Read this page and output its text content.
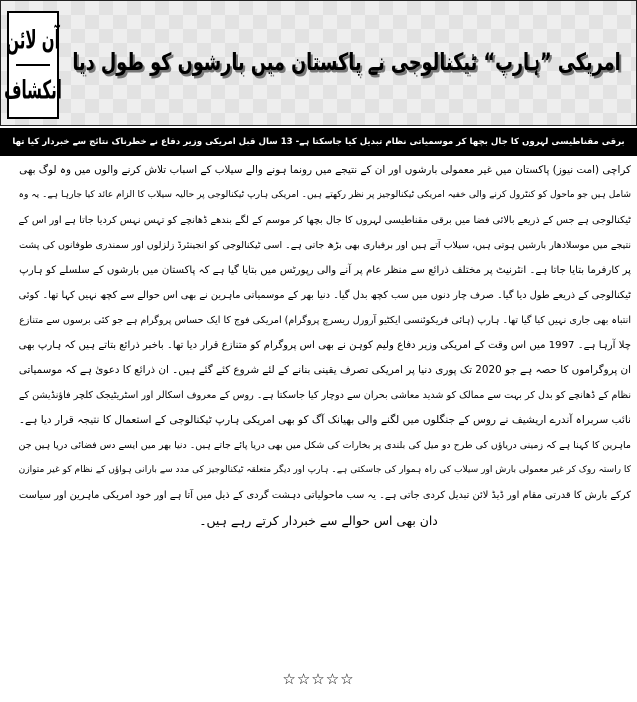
آن لائن
انکشاف
امریکی ”ہارپ“ ٹیکنالوجی نے پاکستان میں بارشوں کو طول دیا
برقی مقناطیسی لہروں کا جال بچھا کر موسمیاتی نظام تبدیل کیا جاسکتا ہے- 13 سال قبل امریکی وزیر دفاع نے خطرناک نتائج سے خبردار کیا تھا
کراچی (امت نیوز) پاکستان میں غیر معمولی بارشوں اور ان کے نتیجے میں رونما ہونے والے سیلاب کے اسباب تلاش کرنے والوں میں وہ لوگ بھی
شامل ہیں جو ماحول کو کنٹرول کرنے والی خفیہ امریکی ٹیکنالوجیز پر نظر رکھتے ہیں۔ امریکی ہارپ ٹیکنالوجی پر حالیہ سیلاب کا الزام عائد کیا جارہا ہے۔ یہ وہ
ٹیکنالوجی ہے جس کے ذریعے بالائی فضا میں برقی مقناطیسی لہروں کا جال بچھا کر موسم کے لگے بندھے ڈھانچے کو تہس نہس کردیا جاتا ہے اور اس کے
نتیجے میں موسلادھار بارشیں ہوتی ہیں، سیلاب آتے ہیں اور برفباری بھی بڑھ جاتی ہے۔ اسی ٹیکنالوجی کو انجینئرڈ زلزلوں اور سمندری طوفانوں کی پشت
پر کارفرما بتایا جاتا ہے۔ انٹرنیٹ پر مختلف ذرائع سے منظر عام پر آنے والی رپورٹس میں بتایا گیا ہے کہ پاکستان میں بارشوں کے سلسلے کو ہارپ
ٹیکنالوجی کے ذریعے طول دیا گیا۔ صرف چار دنوں میں سب کچھ بدل گیا۔ دنیا بھر کے موسمیاتی ماہرین نے بھی اس حوالے سے کچھ نہیں کہا تھا۔ کوئی
انتباہ بھی جاری نہیں کیا گیا تھا۔ ہارپ (ہائی فریکوئنسی ایکٹیو آرورل ریسرچ پروگرام) امریکی فوج کا ایک حساس پروگرام ہے جو کئی برسوں سے متنازع
چلا آرہا ہے۔ 1997 میں اس وقت کے امریکی وزیر دفاع ولیم کوہن نے بھی اس پروگرام کو متنازع قرار دیا تھا۔ باخبر ذرائع بتاتے ہیں کہ ہارپ بھی
ان پروگراموں کا حصہ ہے جو 2020 تک پوری دنیا پر امریکی تصرف یقینی بنانے کے لئے شروع کئے گئے ہیں۔ ان ذرائع کا دعویٰ ہے کہ موسمیاتی
نظام کے ڈھانچے کو بدل کر بہت سے ممالک کو شدید معاشی بحران سے دوچار کیا جاسکتا ہے۔ روس کے معروف اسکالر اور اسٹریٹیجک کلچر فاؤنڈیشن کے
نائب سربراہ آندرے اریشیف نے روس کے جنگلوں میں لگنے والی بھیانک آگ کو بھی امریکی ہارپ ٹیکنالوجی کے استعمال کا نتیجہ قرار دیا ہے۔
ماہرین کا کہنا ہے کہ زمینی دریاؤں کی طرح دو میل کی بلندی پر بخارات کی شکل میں بھی دریا پائے جاتے ہیں۔ دنیا بھر میں ایسے دس فضائی دریا ہیں جن
کا راستہ روک کر غیر معمولی بارش اور سیلاب کی راہ ہموار کی جاسکتی ہے۔ ہارپ اور دیگر متعلقہ ٹیکنالوجیز کی مدد سے بارانی ہواؤں کے نظام کو غیر متوازن
کرکے بارش کا قدرتی مقام اور ڈیڈ لائن تبدیل کردی جاتی ہے۔ یہ سب ماحولیاتی دہشت گردی کے ذیل میں آتا ہے اور خود امریکی ماہرین اور سیاست
دان بھی اس حوالے سے خبردار کرتے رہے ہیں۔
☆☆☆☆☆
